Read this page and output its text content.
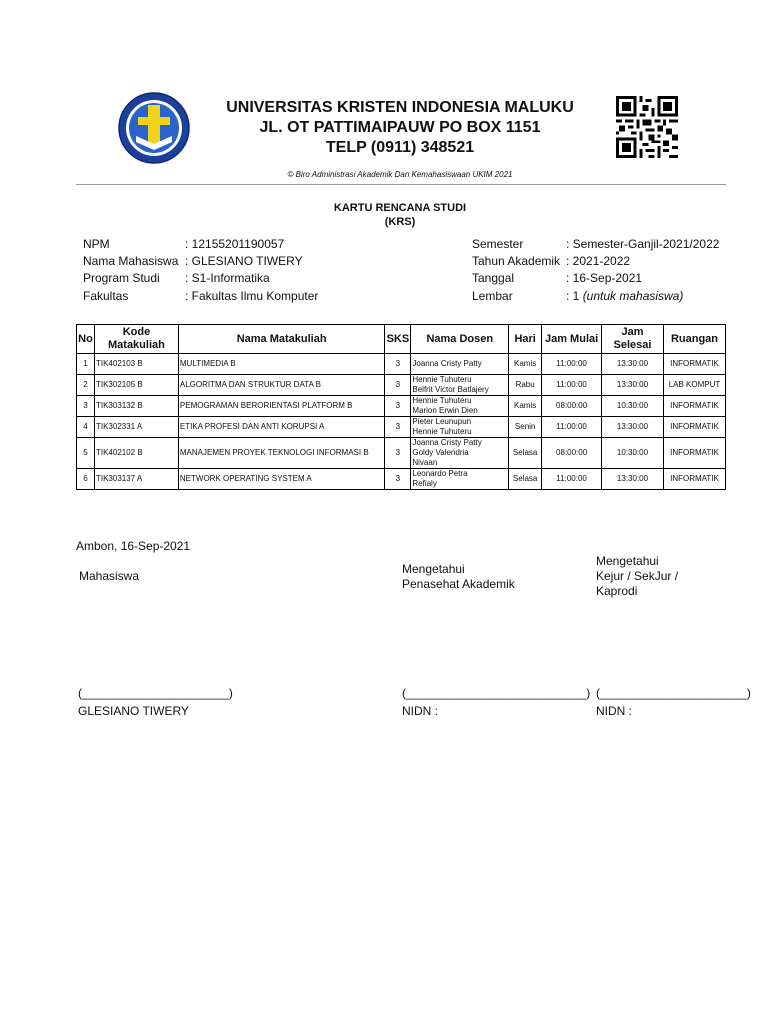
UNIVERSITAS KRISTEN INDONESIA MALUKU
JL. OT PATTIMAIPAUW PO BOX 1151
TELP (0911) 348521
© Biro Administrasi Akademik Dan Kemahasiswaan UKIM 2021
KARTU RENCANA STUDI
(KRS)
NPM	: 12155201190057
Nama Mahasiswa : GLESIANO TIWERY
Program Studi	: S1-Informatika
Fakultas	: Fakultas Ilmu Komputer
Semester	: Semester-Ganjil-2021/2022
Tahun Akademik : 2021-2022
Tanggal	: 16-Sep-2021
Lembar	: 1 (untuk mahasiswa)
No	Kode Matakuliah	Nama Matakuliah	SKS	Nama Dosen	Hari	Jam Mulai	Jam Selesai	Ruangan
1	TIK402103 B	MULTIMEDIA B	3	Joanna Cristy Patty	Kamis	11:00:00	13:30:00	INFORMATIK
2	TIK302105 B	ALGORITMA DAN STRUKTUR DATA B	3	Hennie Tuhuteru
Belfrit Victor Batlajery	Rabu	11:00:00	13:30:00	LAB KOMPUT
3	TIK303132 B	PEMOGRAMAN BERORIENTASI PLATFORM B	3	Hennie Tuhuteru
Marion Erwin Dien	Kamis	08:00:00	10:30:00	INFORMATIK
4	TIK302331 A	ETIKA PROFESI DAN ANTI KORUPSI A	3	Pieter Leunupun
Hennie Tuhuteru	Senin	11:00:00	13:30:00	INFORMATIK
5	TIK402102 B	MANAJEMEN PROYEK TEKNOLOGI INFORMASI B	3	Joanna Cristy Patty
Goldy Valendria
Nivaan	Selasa	08:00:00	10:30:00	INFORMATIK
6	TIK303137 A	NETWORK OPERATING SYSTEM A	3	Leonardo Petra
Refialy	Selasa	11:00:00	13:30:00	INFORMATIK
Ambon, 16-Sep-2021
Mahasiswa	Mengetahui
Penasehat Akademik
Mengetahui
Kejur / SekJur /
Kaprodi
(______________________)	(___________________________) (______________________)
GLESIANO TIWERY	NIDN :	NIDN :
